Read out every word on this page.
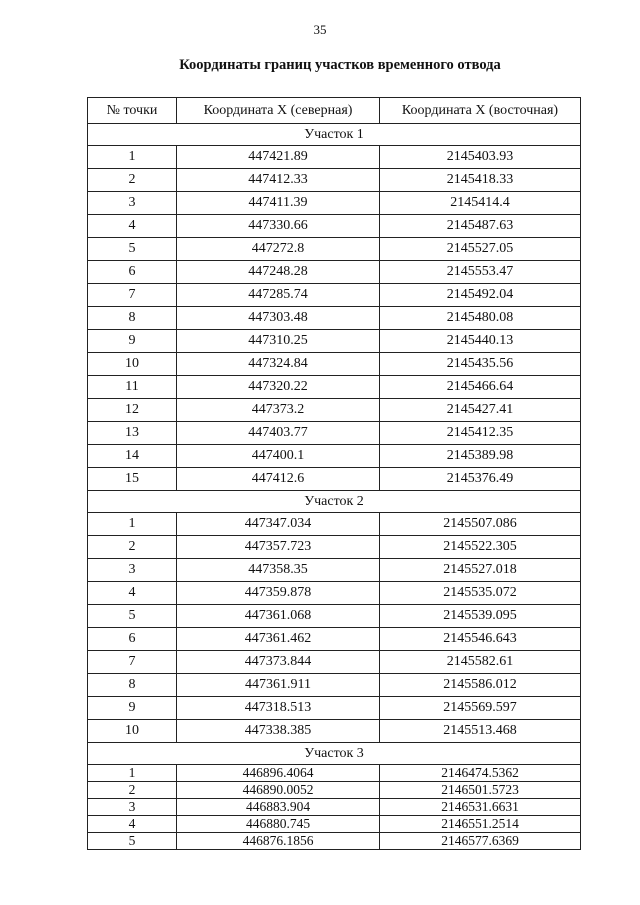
35
Координаты границ участков временного отвода
№ точки	Координата X (северная)	Координата X (восточная)
Участок 1		
1	447421.89	2145403.93
2	447412.33	2145418.33
3	447411.39	2145414.4
4	447330.66	2145487.63
5	447272.8	2145527.05
6	447248.28	2145553.47
7	447285.74	2145492.04
8	447303.48	2145480.08
9	447310.25	2145440.13
10	447324.84	2145435.56
11	447320.22	2145466.64
12	447373.2	2145427.41
13	447403.77	2145412.35
14	447400.1	2145389.98
15	447412.6	2145376.49
Участок 2		
1	447347.034	2145507.086
2	447357.723	2145522.305
3	447358.35	2145527.018
4	447359.878	2145535.072
5	447361.068	2145539.095
6	447361.462	2145546.643
7	447373.844	2145582.61
8	447361.911	2145586.012
9	447318.513	2145569.597
10	447338.385	2145513.468
Участок 3		
1	446896.4064	2146474.5362
2	446890.0052	2146501.5723
3	446883.904	2146531.6631
4	446880.745	2146551.2514
5	446876.1856	2146577.6369
